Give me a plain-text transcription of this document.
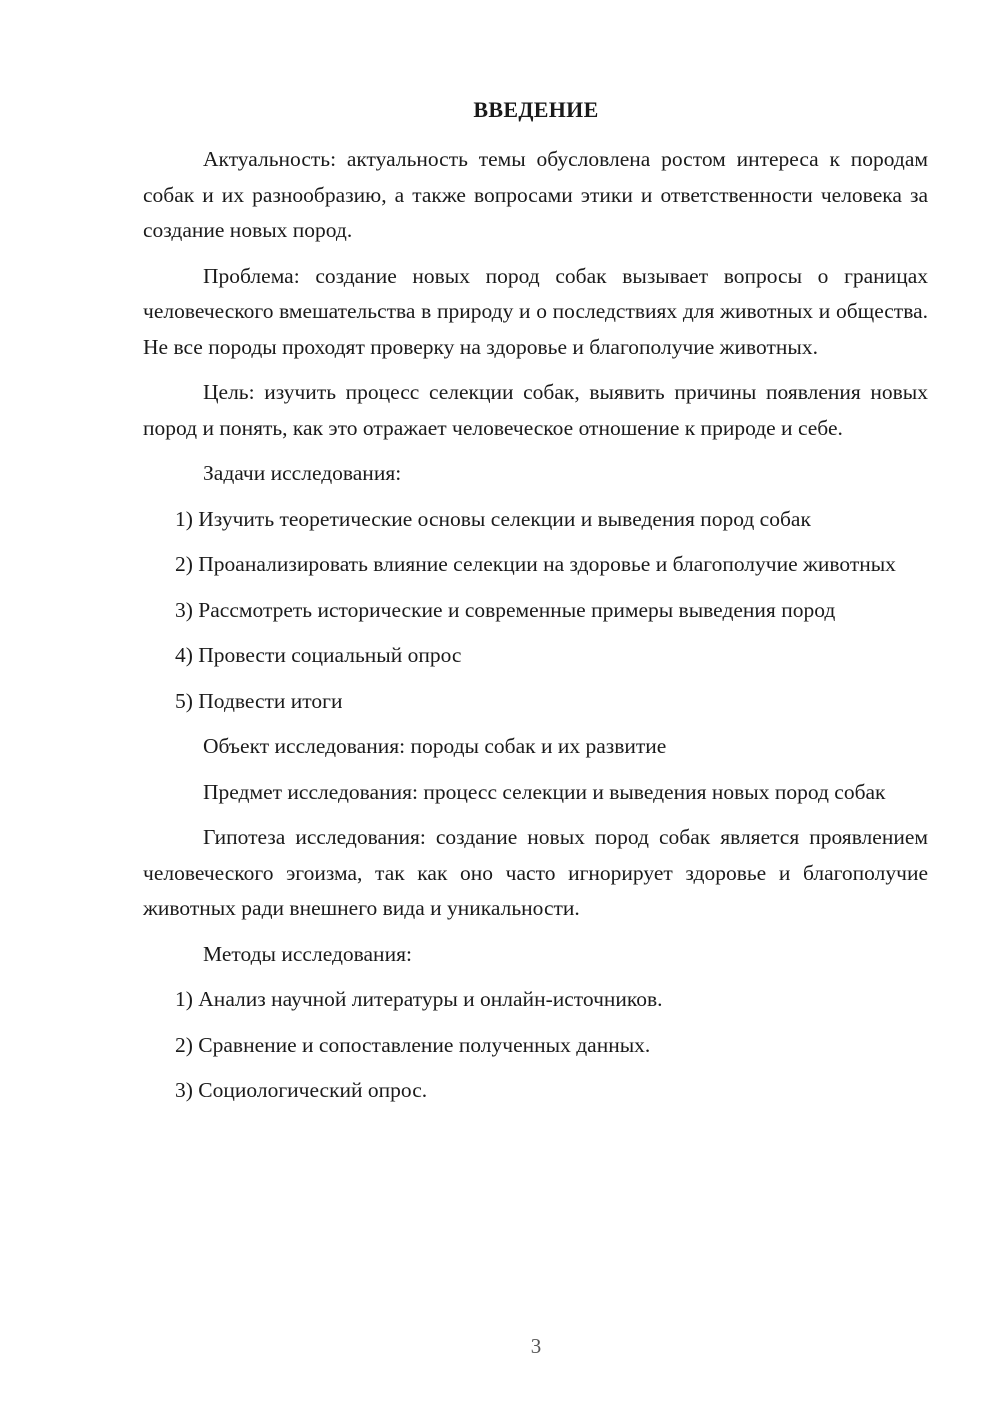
ВВЕДЕНИЕ

Актуальность: актуальность темы обусловлена ростом интереса к породам собак и их разнообразию, а также вопросами этики и ответственности человека за создание новых пород.

Проблема: создание новых пород собак вызывает вопросы о границах человеческого вмешательства в природу и о последствиях для животных и общества. Не все породы проходят проверку на здоровье и благополучие животных.

Цель: изучить процесс селекции собак, выявить причины появления новых пород и понять, как это отражает человеческое отношение к природе и себе.

Задачи исследования:

1) Изучить теоретические основы селекции и выведения пород собак

2) Проанализировать влияние селекции на здоровье и благополучие животных

3) Рассмотреть исторические и современные примеры выведения пород

4) Провести социальный опрос

5) Подвести итоги

Объект исследования: породы собак и их развитие

Предмет исследования: процесс селекции и выведения новых пород собак

Гипотеза исследования: создание новых пород собак является проявлением человеческого эгоизма, так как оно часто игнорирует здоровье и благополучие животных ради внешнего вида и уникальности.

Методы исследования:

1) Анализ научной литературы и онлайн-источников.

2) Сравнение и сопоставление полученных данных.

3) Социологический опрос.

3
